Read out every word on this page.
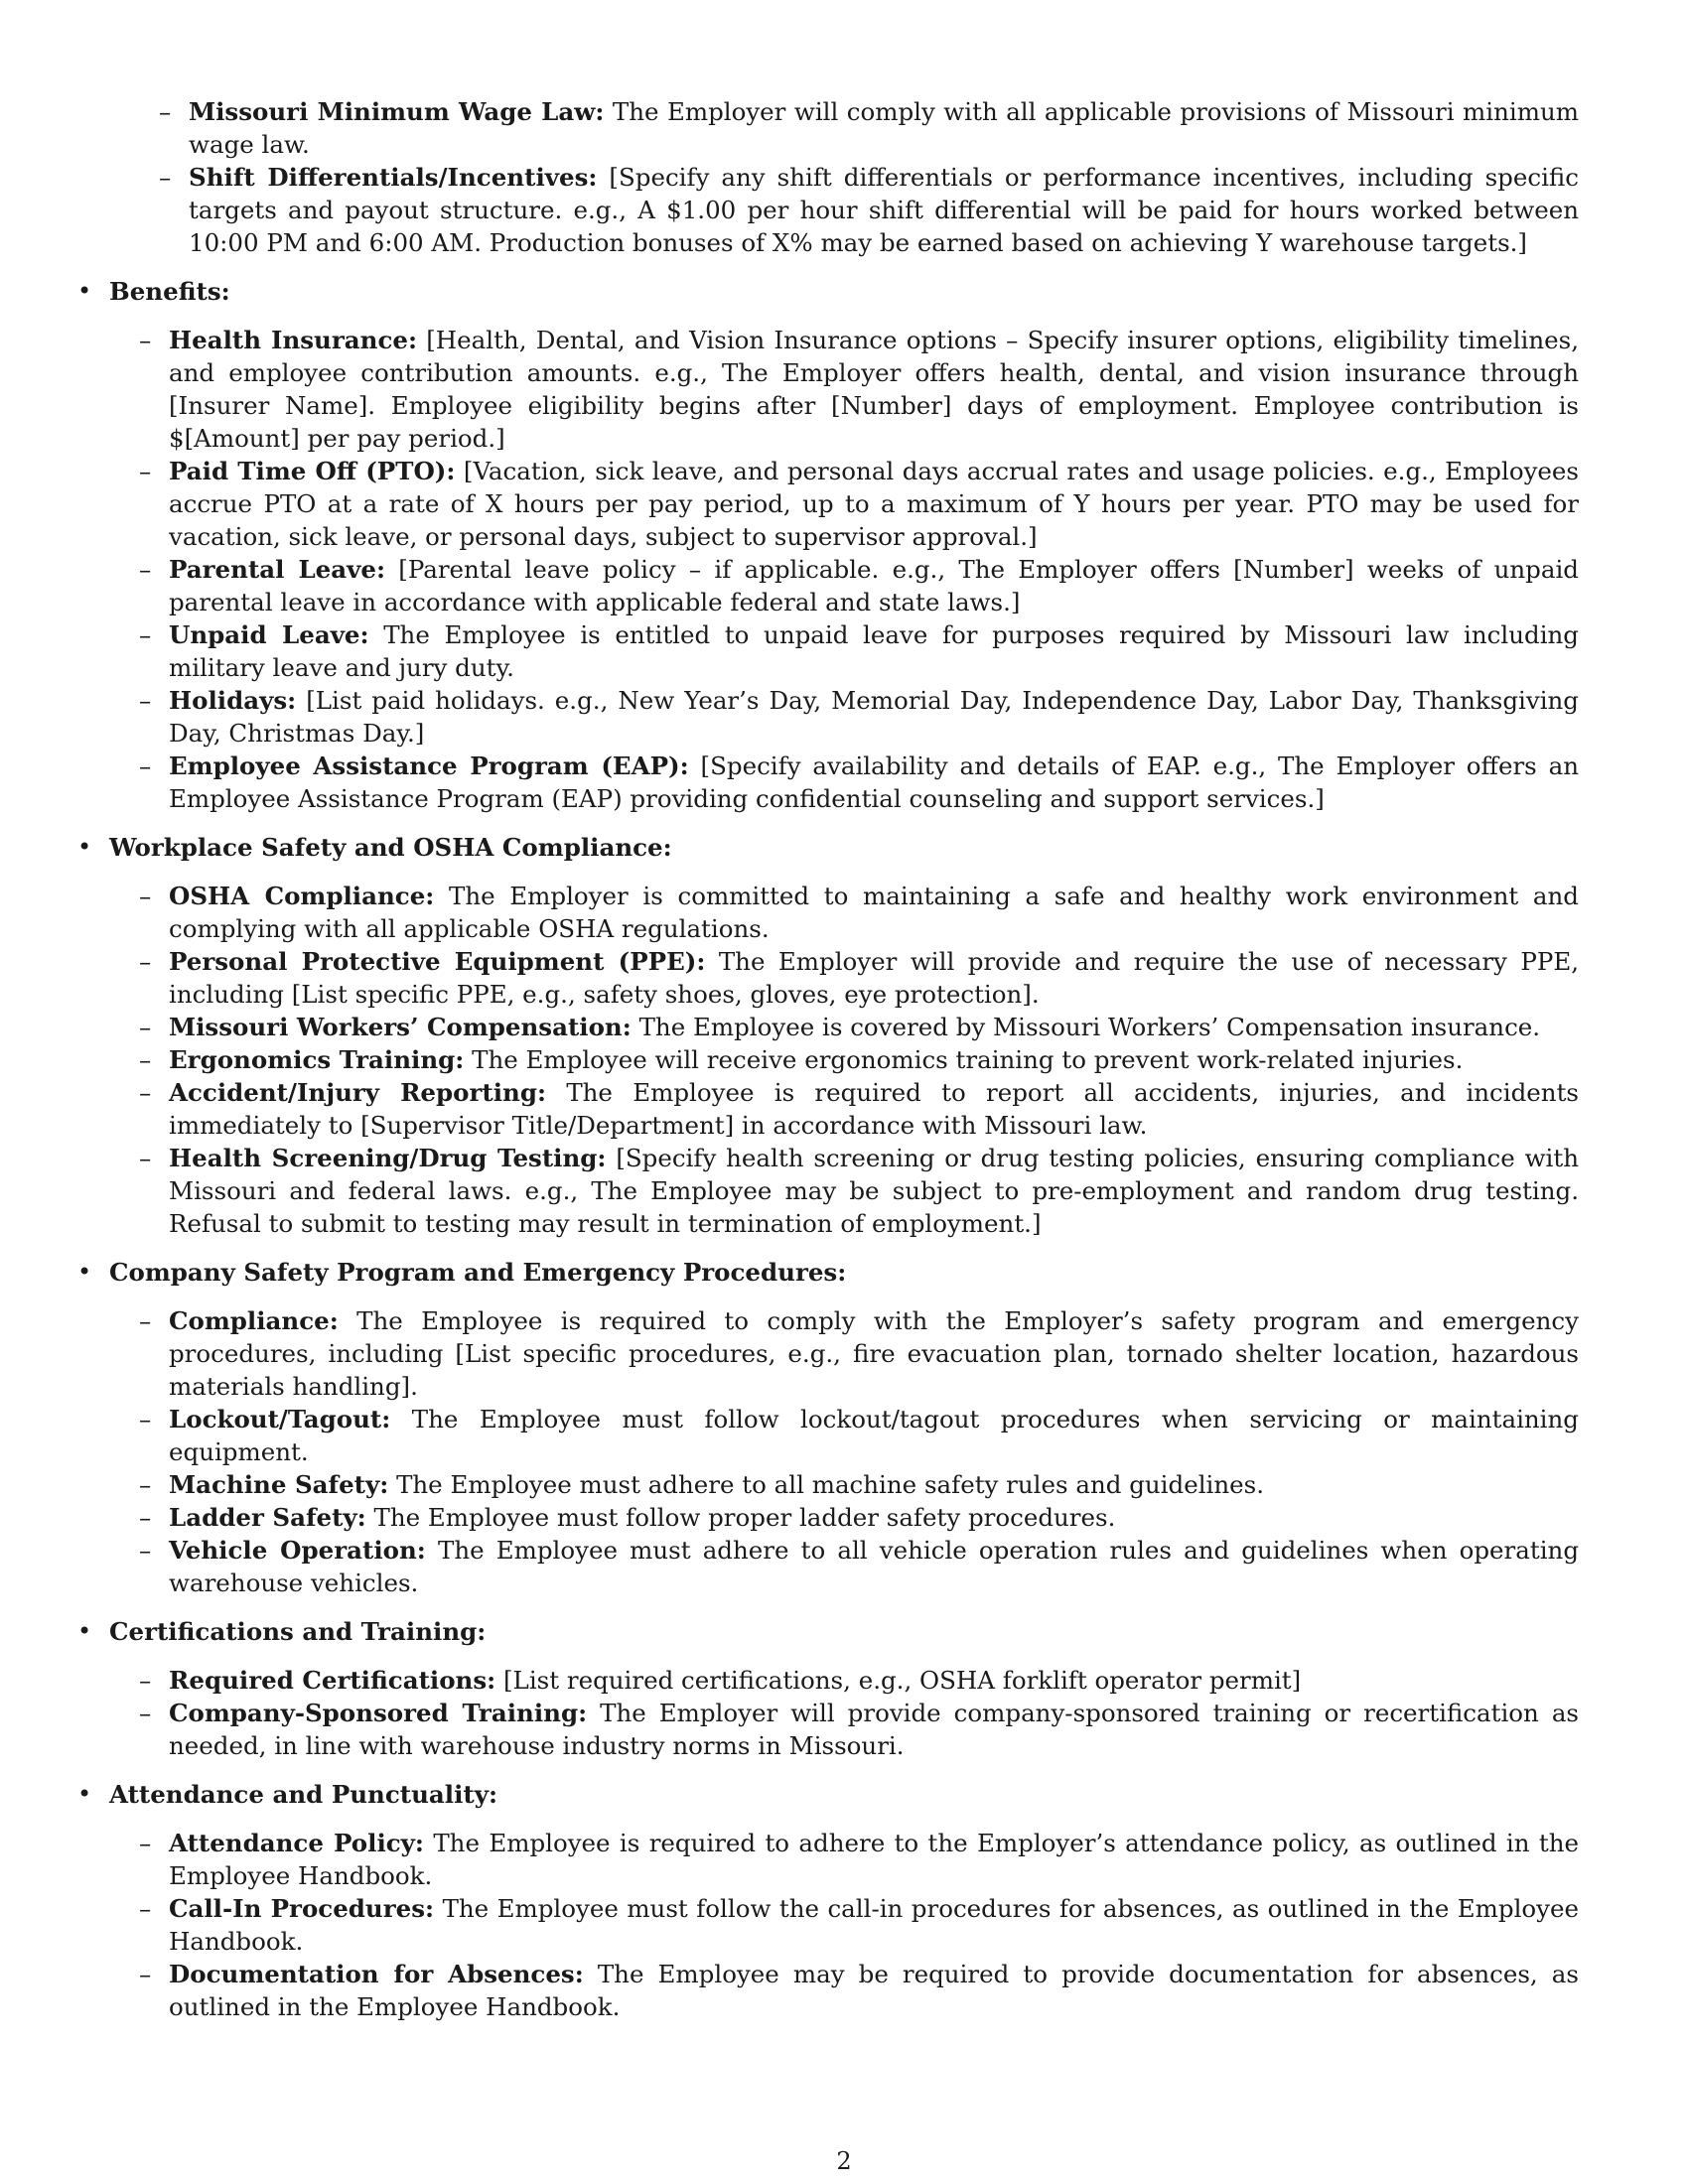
– Missouri Minimum Wage Law: The Employer will comply with all applicable provisions of Missouri minimum wage law.
– Shift Differentials/Incentives: [Specify any shift differentials or performance incentives, including specific targets and payout structure. e.g., A $1.00 per hour shift differential will be paid for hours worked between 10:00 PM and 6:00 AM. Production bonuses of X% may be earned based on achieving Y warehouse targets.]
• Benefits:
– Health Insurance: [Health, Dental, and Vision Insurance options – Specify insurer options, eligibility timelines, and employee contribution amounts. e.g., The Employer offers health, dental, and vision insurance through [Insurer Name]. Employee eligibility begins after [Number] days of employment. Employee contribution is $[Amount] per pay period.]
– Paid Time Off (PTO): [Vacation, sick leave, and personal days accrual rates and usage policies. e.g., Employees accrue PTO at a rate of X hours per pay period, up to a maximum of Y hours per year. PTO may be used for vacation, sick leave, or personal days, subject to supervisor approval.]
– Parental Leave: [Parental leave policy – if applicable. e.g., The Employer offers [Number] weeks of unpaid parental leave in accordance with applicable federal and state laws.]
– Unpaid Leave: The Employee is entitled to unpaid leave for purposes required by Missouri law including military leave and jury duty.
– Holidays: [List paid holidays. e.g., New Year’s Day, Memorial Day, Independence Day, Labor Day, Thanksgiving Day, Christmas Day.]
– Employee Assistance Program (EAP): [Specify availability and details of EAP. e.g., The Employer offers an Employee Assistance Program (EAP) providing confidential counseling and support services.]
• Workplace Safety and OSHA Compliance:
– OSHA Compliance: The Employer is committed to maintaining a safe and healthy work environment and complying with all applicable OSHA regulations.
– Personal Protective Equipment (PPE): The Employer will provide and require the use of necessary PPE, including [List specific PPE, e.g., safety shoes, gloves, eye protection].
– Missouri Workers’ Compensation: The Employee is covered by Missouri Workers’ Compensation insurance.
– Ergonomics Training: The Employee will receive ergonomics training to prevent work-related injuries.
– Accident/Injury Reporting: The Employee is required to report all accidents, injuries, and incidents immediately to [Supervisor Title/Department] in accordance with Missouri law.
– Health Screening/Drug Testing: [Specify health screening or drug testing policies, ensuring compliance with Missouri and federal laws. e.g., The Employee may be subject to pre-employment and random drug testing. Refusal to submit to testing may result in termination of employment.]
• Company Safety Program and Emergency Procedures:
– Compliance: The Employee is required to comply with the Employer’s safety program and emergency procedures, including [List specific procedures, e.g., fire evacuation plan, tornado shelter location, hazardous materials handling].
– Lockout/Tagout: The Employee must follow lockout/tagout procedures when servicing or maintaining equipment.
– Machine Safety: The Employee must adhere to all machine safety rules and guidelines.
– Ladder Safety: The Employee must follow proper ladder safety procedures.
– Vehicle Operation: The Employee must adhere to all vehicle operation rules and guidelines when operating warehouse vehicles.
• Certifications and Training:
– Required Certifications: [List required certifications, e.g., OSHA forklift operator permit]
– Company-Sponsored Training: The Employer will provide company-sponsored training or recertification as needed, in line with warehouse industry norms in Missouri.
• Attendance and Punctuality:
– Attendance Policy: The Employee is required to adhere to the Employer’s attendance policy, as outlined in the Employee Handbook.
– Call-In Procedures: The Employee must follow the call-in procedures for absences, as outlined in the Employee Handbook.
– Documentation for Absences: The Employee may be required to provide documentation for absences, as outlined in the Employee Handbook.
2
